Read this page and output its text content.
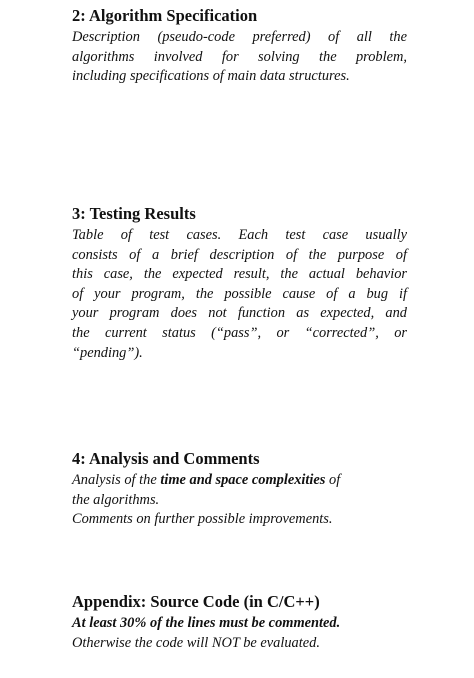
2: Algorithm Specification
Description (pseudo-code preferred) of all the
algorithms involved for solving the problem,
including specifications of main data structures.
3: Testing Results
Table of test cases. Each test case usually
consists of a brief description of the purpose of
this case, the expected result, the actual behavior
of your program, the possible cause of a bug if
your program does not function as expected, and
the current status (“pass”, or “corrected”, or
“pending”).
4: Analysis and Comments
Analysis of the time and space complexities of
the algorithms.
Comments on further possible improvements.
Appendix: Source Code (in C/C++)
At least 30% of the lines must be commented.
Otherwise the code will NOT be evaluated.
